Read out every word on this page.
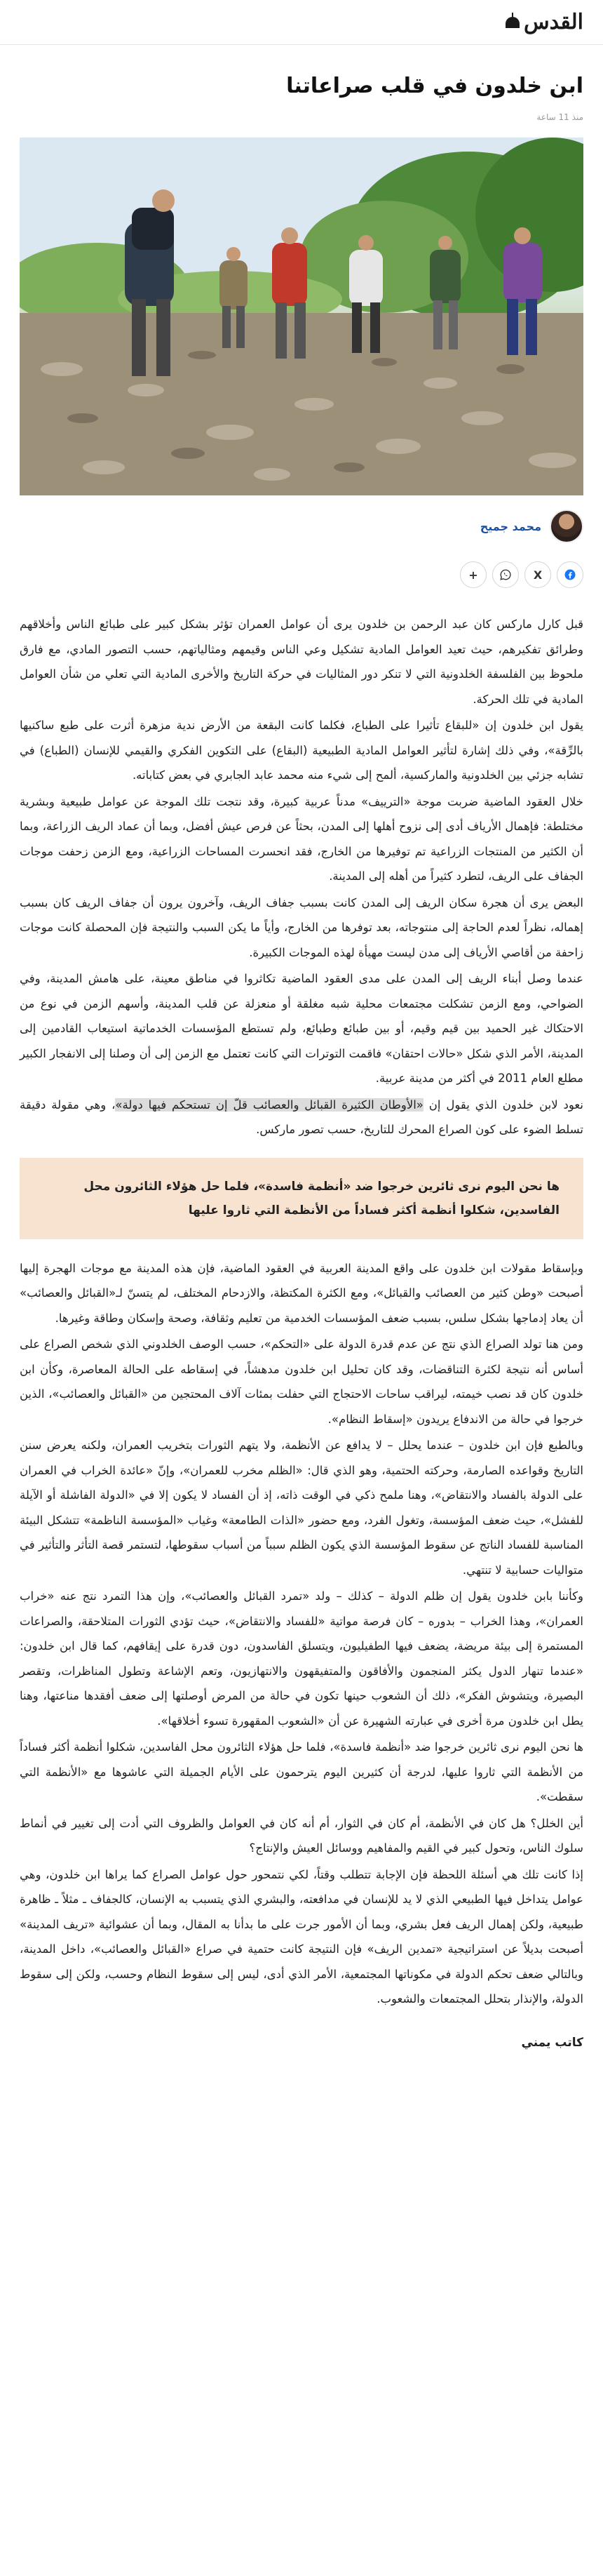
القدس
ابن خلدون في قلب صراعاتنا
منذ 11 ساعة
محمد جميح
+	X

قبل كارل ماركس كان عبد الرحمن بن خلدون يرى أن عوامل العمران تؤثر بشكل كبير على طبائع الناس وأخلاقهم وطرائق تفكيرهم، حيث تعيد العوامل المادية تشكيل وعي الناس وقيمهم ومثالياتهم، حسب التصور المادي، مع فارق ملحوظ بين الفلسفة الخلدونية التي لا تنكر دور المثاليات في حركة التاريخ والأخرى المادية التي تعلي من شأن العوامل المادية في تلك الحركة.

يقول ابن خلدون إن «للبقاع تأثيرا على الطباع، فكلما كانت البقعة من الأرض ندية مزهرة أثرت على طبع ساكنيها بالرِّقة»، وفي ذلك إشارة لتأثير العوامل المادية الطبيعية (البقاع) على التكوين الفكري والقيمي للإنسان (الطباع) في تشابه جزئي بين الخلدونية والماركسية، ألمح إلى شيء منه محمد عابد الجابري في بعض كتاباته.

خلال العقود الماضية ضربت موجة «الترييف» مدناً عربية كبيرة، وقد نتجت تلك الموجة عن عوامل طبيعية وبشرية مختلطة: فإهمال الأرياف أدى إلى نزوح أهلها إلى المدن، بحثاً عن فرص عيش أفضل، وبما أن عماد الريف الزراعة، وبما أن الكثير من المنتجات الزراعية تم توفيرها من الخارج، فقد انحسرت المساحات الزراعية، ومع الزمن زحفت موجات الجفاف على الريف، لتطرد كثيراً من أهله إلى المدينة.

البعض يرى أن هجرة سكان الريف إلى المدن كانت بسبب جفاف الريف، وآخرون يرون أن جفاف الريف كان بسبب إهماله، نظراً لعدم الحاجة إلى منتوجاته، بعد توفرها من الخارج، وأياً ما يكن السبب والنتيجة فإن المحصلة كانت موجات زاحفة من أقاصي الأرياف إلى مدن ليست مهيأة لهذه الموجات الكبيرة.

عندما وصل أبناء الريف إلى المدن على مدى العقود الماضية تكاثروا في مناطق معينة، على هامش المدينة، وفي الضواحي، ومع الزمن تشكلت مجتمعات محلية شبه مغلقة أو منعزلة عن قلب المدينة، وأسهم الزمن في نوع من الاحتكاك غير الحميد بين قيم وقيم، أو بين طبائع وطبائع، ولم تستطع المؤسسات الخدماتية استيعاب القادمين إلى المدينة، الأمر الذي شكل «حالات احتقان» فاقمت التوترات التي كانت تعتمل مع الزمن إلى أن وصلنا إلى الانفجار الكبير مطلع العام 2011 في أكثر من مدينة عربية.

نعود لابن خلدون الذي يقول إن «الأوطان الكثيرة القبائل والعصائب قلّ إن تستحكم فيها دولة»، وهي مقولة دقيقة تسلط الضوء على كون الصراع المحرك للتاريخ، حسب تصور ماركس.

ها نحن اليوم نرى ثائرين خرجوا ضد «أنظمة فاسدة»، فلما حل هؤلاء الثائرون محل الفاسدين، شكلوا أنظمة أكثر فساداً من الأنظمة التي ثاروا عليها

وبإسقاط مقولات ابن خلدون على واقع المدينة العربية في العقود الماضية، فإن هذه المدينة مع موجات الهجرة إليها أصبحت «وطن كثير من العصائب والقبائل»، ومع الكثرة المكتظة، والازدحام المختلف، لم يتسنّ لـ«القبائل والعصائب» أن يعاد إدماجها بشكل سلس، بسبب ضعف المؤسسات الخدمية من تعليم وثقافة، وصحة وإسكان وطاقة وغيرها.

ومن هنا تولد الصراع الذي نتج عن عدم قدرة الدولة على «التحكم»، حسب الوصف الخلدوني الذي شخص الصراع على أساس أنه نتيجة لكثرة التناقضات، وقد كان تحليل ابن خلدون مدهشاً، في إسقاطه على الحالة المعاصرة، وكأن ابن خلدون كان قد نصب خيمته، ليراقب ساحات الاحتجاج التي حفلت بمئات آلاف المحتجين من «القبائل والعصائب»، الذين خرجوا في حالة من الاندفاع يريدون «إسقاط النظام».

وبالطبع فإن ابن خلدون – عندما يحلل – لا يدافع عن الأنظمة، ولا يتهم الثورات بتخريب العمران، ولكنه يعرض سنن التاريخ وقواعده الصارمة، وحركته الحتمية، وهو الذي قال: «الظلم مخرب للعمران»، وإنّ «عائدة الخراب في العمران على الدولة بالفساد والانتقاض»، وهنا ملمح ذكي في الوقت ذاته، إذ أن الفساد لا يكون إلا في «الدولة الفاشلة أو الآيلة للفشل»، حيث ضعف المؤسسة، وتغول الفرد، ومع حضور «الذات الطامعة» وغياب «المؤسسة الناظمة» تتشكل البيئة المناسبة للفساد الناتج عن سقوط المؤسسة الذي يكون الظلم سبباً من أسباب سقوطها، لتستمر قصة التأثر والتأثير في متواليات حسابية لا تنتهي.

وكأننا بابن خلدون يقول إن ظلم الدولة – كذلك – ولد «تمرد القبائل والعصائب»، وإن هذا التمرد نتج عنه «خراب العمران»، وهذا الخراب – بدوره – كان فرصة مواتية «للفساد والانتقاض»، حيث تؤدي الثورات المتلاحقة، والصراعات المستمرة إلى بيئة مريضة، يضعف فيها الطفيليون، ويتسلق الفاسدون، دون قدرة على إيقافهم، كما قال ابن خلدون: «عندما تنهار الدول يكثر المنجمون والأفاقون والمتفيقهون والانتهازيون، وتعم الإشاعة وتطول المناظرات، وتقصر البصيرة، ويتشوش الفكر»، ذلك أن الشعوب حينها تكون في حالة من المرض أوصلتها إلى ضعف أفقدها مناعتها، وهنا يطل ابن خلدون مرة أخرى في عبارته الشهيرة عن أن «الشعوب المقهورة تسوء أخلاقها».

ها نحن اليوم نرى ثائرين خرجوا ضد «أنظمة فاسدة»، فلما حل هؤلاء الثائرون محل الفاسدين، شكلوا أنظمة أكثر فساداً من الأنظمة التي ثاروا عليها، لدرجة أن كثيرين اليوم يترحمون على الأيام الجميلة التي عاشوها مع «الأنظمة التي سقطت».

أين الخلل؟ هل كان في الأنظمة، أم كان في الثوار، أم أنه كان في العوامل والظروف التي أدت إلى تغيير في أنماط سلوك الناس، وتحول كبير في القيم والمفاهيم ووسائل العيش والإنتاج؟

إذا كانت تلك هي أسئلة اللحظة فإن الإجابة تتطلب وقتاً، لكي نتمحور حول عوامل الصراع كما يراها ابن خلدون، وهي عوامل يتداخل فيها الطبيعي الذي لا يد للإنسان في مدافعته، والبشري الذي يتسبب به الإنسان، كالجفاف ـ مثلاً ـ ظاهرة طبيعية، ولكن إهمال الريف فعل بشري، وبما أن الأمور جرت على ما بدأنا به المقال، وبما أن عشوائية «تريف المدينة» أصبحت بديلاً عن استراتيجية «تمدين الريف» فإن النتيجة كانت حتمية في صراع «القبائل والعصائب»، داخل المدينة، وبالتالي ضعف تحكم الدولة في مكوناتها المجتمعية، الأمر الذي أدى، ليس إلى سقوط النظام وحسب، ولكن إلى سقوط الدولة، والإنذار بتحلل المجتمعات والشعوب.

كاتب يمني
